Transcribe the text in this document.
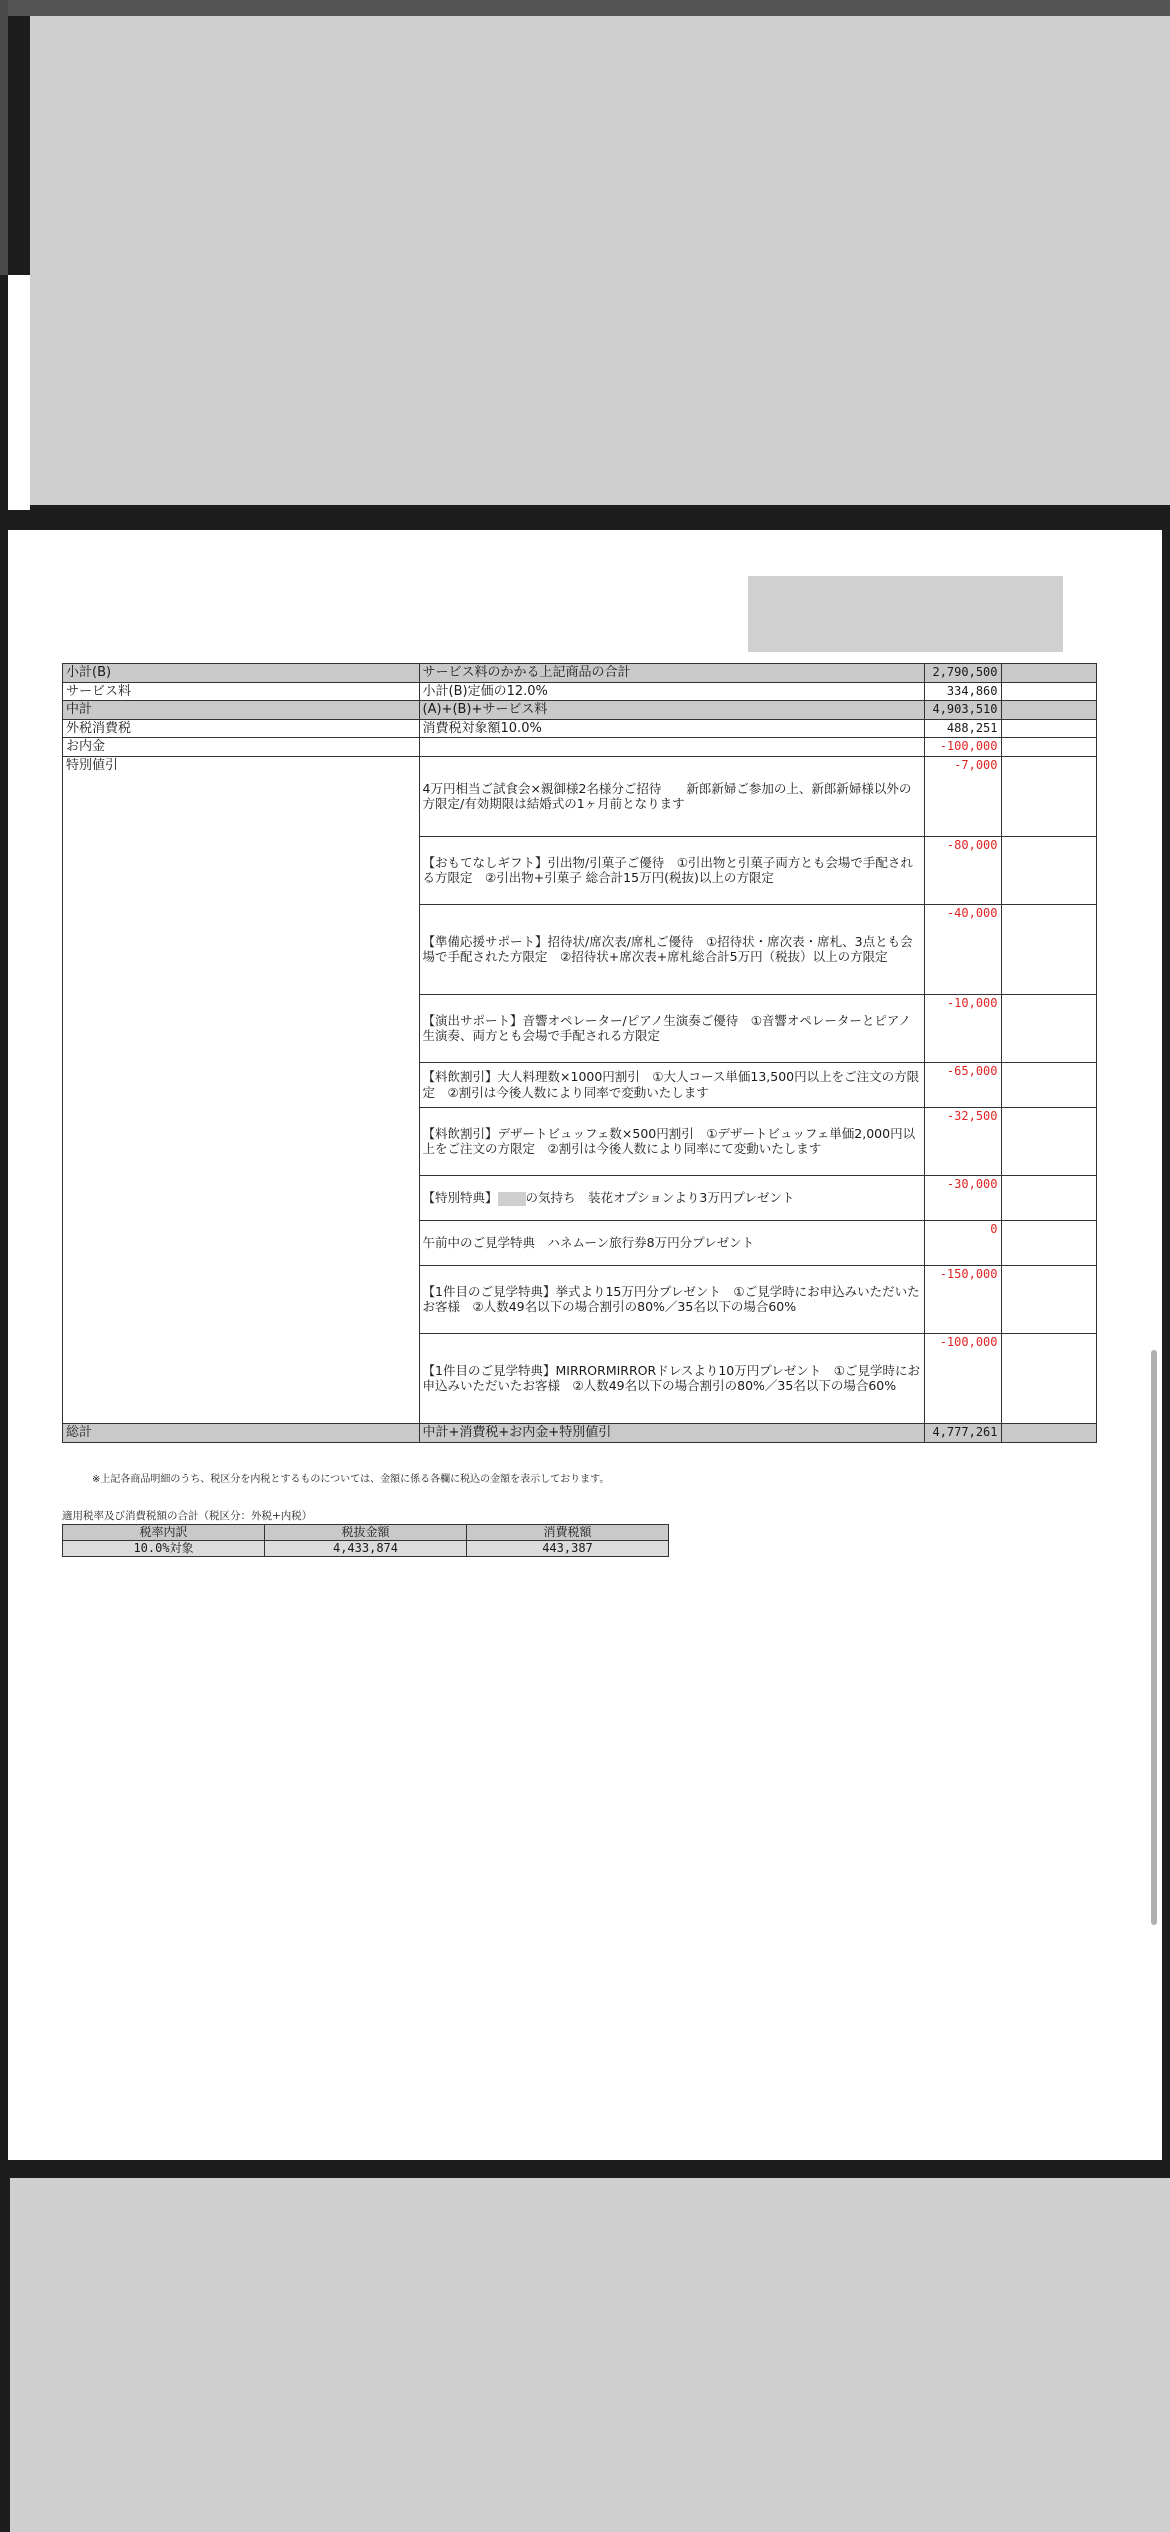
小計(B)	サービス料のかかる上記商品の合計	2,790,500	
サービス料	小計(B)定価の12.0%	334,860	
中計	(A)+(B)+サービス料	4,903,510	
外税消費税	消費税対象額10.0%	488,251	
お内金		-100,000	
特別値引	4万円相当ご試食会×親御様2名様分ご招待　　新郎新婦ご参加の上、新郎新婦様以外の方限定/有効期限は結婚式の1ヶ月前となります	-7,000	
	【おもてなしギフト】引出物/引菓子ご優待　①引出物と引菓子両方とも会場で手配される方限定　②引出物+引菓子 総合計15万円(税抜)以上の方限定	-80,000	
	【準備応援サポート】招待状/席次表/席札ご優待　①招待状・席次表・席札、3点とも会場で手配された方限定　②招待状+席次表+席札総合計5万円（税抜）以上の方限定	-40,000	
	【演出サポート】音響オペレーター/ピアノ生演奏ご優待　①音響オペレーターとピアノ生演奏、両方とも会場で手配される方限定	-10,000	
	【料飲割引】大人料理数×1000円割引　①大人コース単価13,500円以上をご注文の方限定　②割引は今後人数により同率で変動いたします	-65,000	
	【料飲割引】デザートビュッフェ数×500円割引　①デザートビュッフェ単価2,000円以上をご注文の方限定　②割引は今後人数により同率にて変動いたします	-32,500	
	【特別特典】 の気持ち　装花オプションより3万円プレゼント	-30,000	
	午前中のご見学特典　ハネムーン旅行券8万円分プレゼント	0	
	【1件目のご見学特典】挙式より15万円分プレゼント　①ご見学時にお申込みいただいたお客様　②人数49名以下の場合割引の80%／35名以下の場合60%	-150,000	
	【1件目のご見学特典】MIRRORMIRRORドレスより10万円プレゼント　①ご見学時にお申込みいただいたお客様　②人数49名以下の場合割引の80%／35名以下の場合60%	-100,000	
総計	中計+消費税+お内金+特別値引	4,777,261	
※上記各商品明細のうち、税区分を内税とするものについては、金額に係る各欄に税込の金額を表示しております。
適用税率及び消費税額の合計（税区分：外税+内税）
税率内訳	税抜金額	消費税額
10.0%対象	4,433,874	443,387
